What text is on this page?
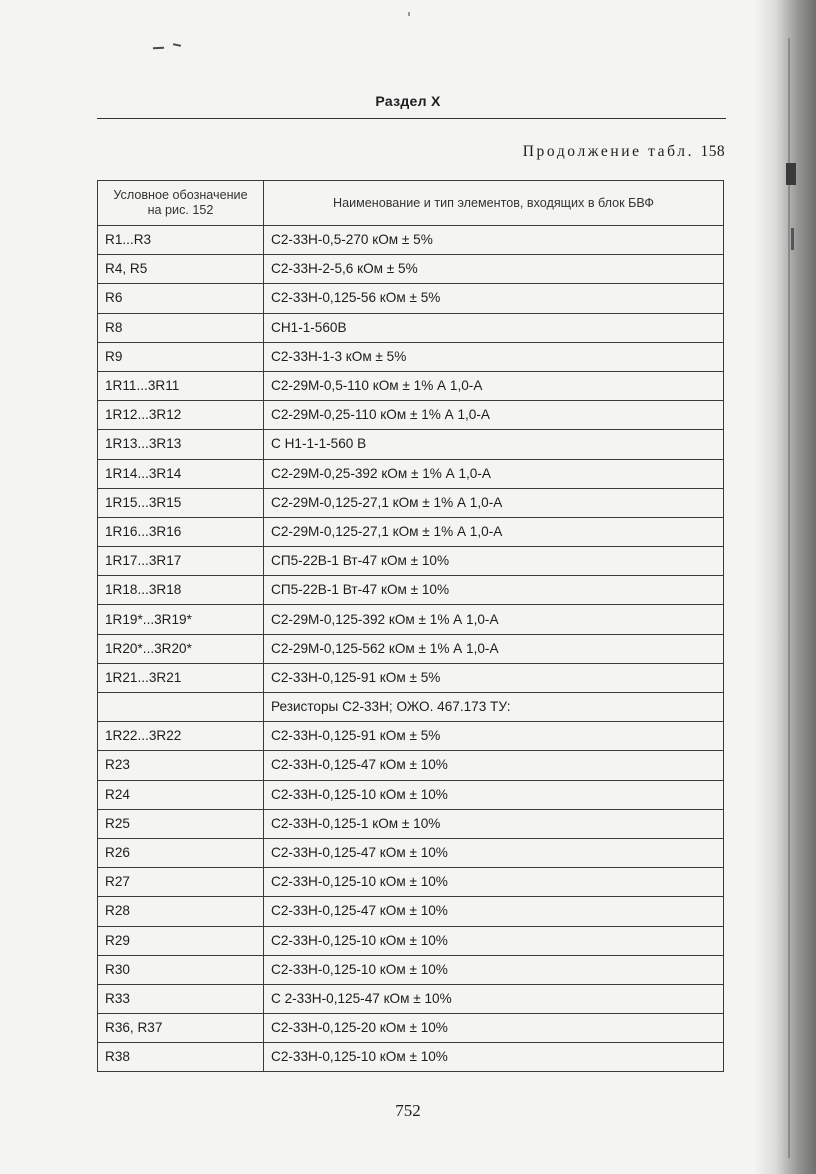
Раздел X
Продолжение табл. 158
Условное обозначение на рис. 152	Наименование и тип элементов, входящих в блок БВФ
R1...R3	С2-33Н-0,5-270 кОм ± 5%
R4, R5	С2-33Н-2-5,6 кОм ± 5%
R6	С2-33Н-0,125-56 кОм ± 5%
R8	СН1-1-560В
R9	С2-33Н-1-3 кОм ± 5%
1R11...3R11	С2-29М-0,5-110 кОм ± 1% А 1,0-А
1R12...3R12	С2-29М-0,25-110 кОм ± 1% А 1,0-А
1R13...3R13	С Н1-1-1-560 В
1R14...3R14	С2-29М-0,25-392 кОм ± 1% А 1,0-А
1R15...3R15	С2-29М-0,125-27,1 кОм ± 1% А 1,0-А
1R16...3R16	С2-29М-0,125-27,1 кОм ± 1% А 1,0-А
1R17...3R17	СП5-22В-1 Вт-47 кОм ± 10%
1R18...3R18	СП5-22В-1 Вт-47 кОм ± 10%
1R19*...3R19*	С2-29М-0,125-392 кОм ± 1% А 1,0-А
1R20*...3R20*	С2-29М-0,125-562 кОм ± 1% А 1,0-А
1R21...3R21	С2-33Н-0,125-91 кОм ± 5%
	Резисторы С2-33Н; ОЖО. 467.173 ТУ:
1R22...3R22	С2-33Н-0,125-91 кОм ± 5%
R23	С2-33Н-0,125-47 кОм ± 10%
R24	С2-33Н-0,125-10 кОм ± 10%
R25	С2-33Н-0,125-1 кОм ± 10%
R26	С2-33Н-0,125-47 кОм ± 10%
R27	С2-33Н-0,125-10 кОм ± 10%
R28	С2-33Н-0,125-47 кОм ± 10%
R29	С2-33Н-0,125-10 кОм ± 10%
R30	С2-33Н-0,125-10 кОм ± 10%
R33	С 2-33Н-0,125-47 кОм ± 10%
R36, R37	С2-33Н-0,125-20 кОм ± 10%
R38	С2-33Н-0,125-10 кОм ± 10%
752
